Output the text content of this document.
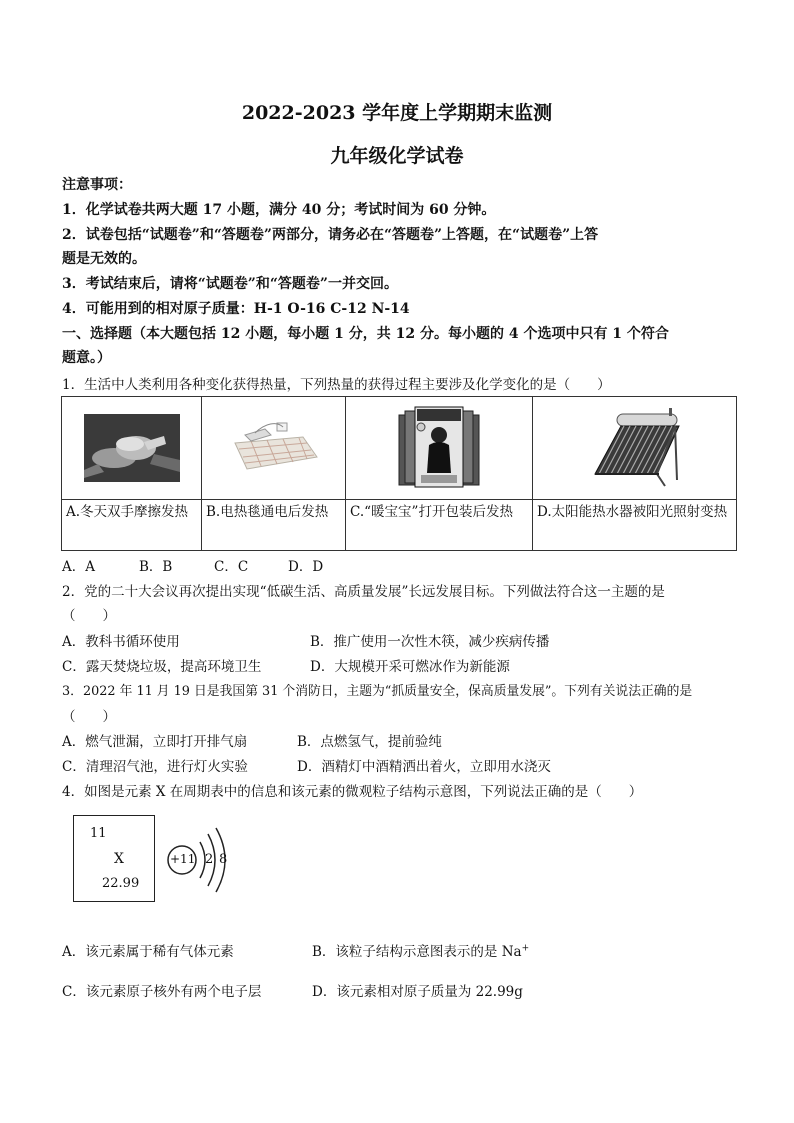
2022-2023 学年度上学期期末监测
九年级化学试卷
注意事项：
1．化学试卷共两大题 17 小题，满分 40 分；考试时间为 60 分钟。
2．试卷包括“试题卷”和“答题卷”两部分，请务必在“答题卷”上答题，在“试题卷”上答
题是无效的。
3．考试结束后，请将“试题卷”和“答题卷”一并交回。
4．可能用到的相对原子质量：H-1 O-16 C-12 N-14
一、选择题（本大题包括 12 小题，每小题 1 分，共 12 分。每小题的 4 个选项中只有 1 个符合
题意。）
1．生活中人类利用各种变化获得热量，下列热量的获得过程主要涉及化学变化的是（　　）

A.冬天双手摩擦发热	B.电热毯通电后发热	C.“暖宝宝”打开包装后发热	D.太阳能热水器被阳光照射变热
A．A	B．B	C．C	D．D
2．党的二十大会议再次提出实现“低碳生活、高质量发展”长远发展目标。下列做法符合这一主题的是
（　　）
A．教科书循环使用	B．推广使用一次性木筷，减少疾病传播
C．露天焚烧垃圾，提高环境卫生	D．大规模开采可燃冰作为新能源
3．2022 年 11 月 19 日是我国第 31 个消防日，主题为“抓质量安全，保高质量发展”。下列有关说法正确的是
（　　）
A．燃气泄漏，立即打开排气扇	B．点燃氢气，提前验纯
C．清理沼气池，进行灯火实验	D．酒精灯中酒精洒出着火，立即用水浇灭
4．如图是元素 X 在周期表中的信息和该元素的微观粒子结构示意图，下列说法正确的是（　　）
11
X
22.99
+11 2 8
A．该元素属于稀有气体元素	B．该粒子结构示意图表示的是 Na+
C．该元素原子核外有两个电子层	D．该元素相对原子质量为 22.99g
